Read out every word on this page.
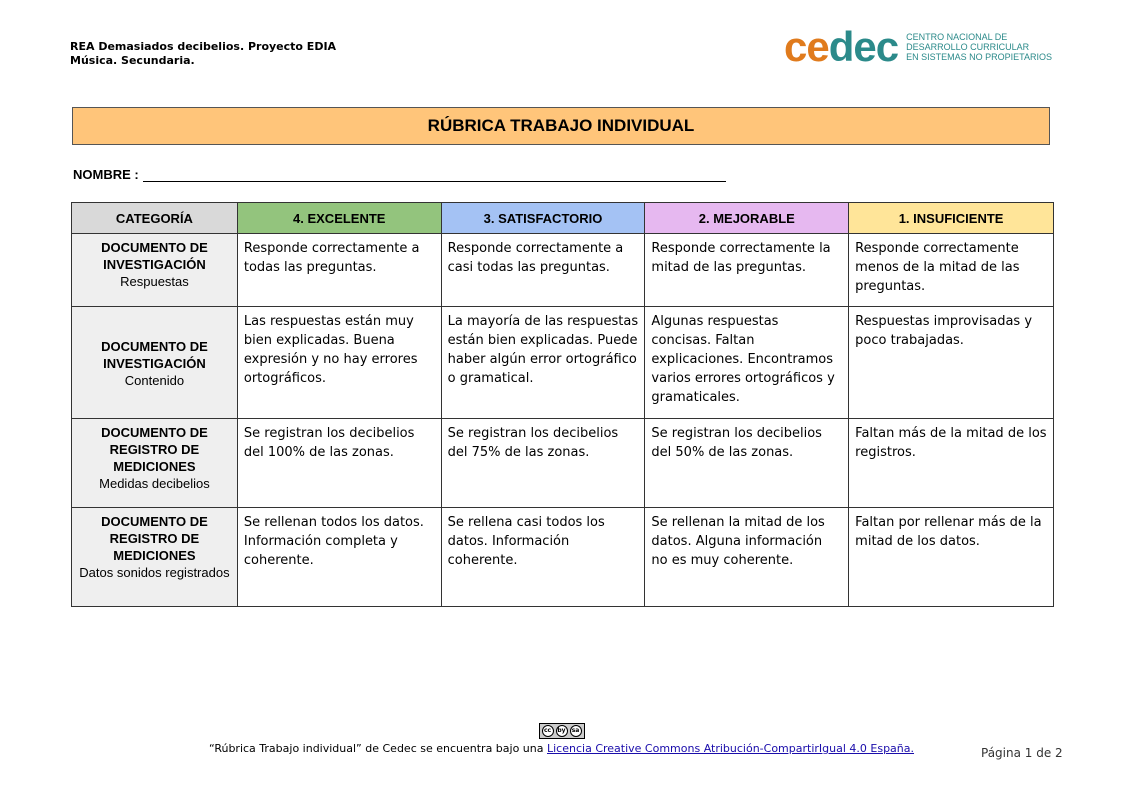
REA Demasiados decibelios. Proyecto EDIA
Música. Secundaria.	cedec CENTRO NACIONAL DE
DESARROLLO CURRICULAR
EN SISTEMAS NO PROPIETARIOS
RÚBRICA TRABAJO INDIVIDUAL
NOMBRE :
CATEGORÍA	4. EXCELENTE	3. SATISFACTORIO	2. MEJORABLE	1. INSUFICIENTE

DOCUMENTO DE INVESTIGACIÓN
Respuestas	Responde correctamente a todas las preguntas.	Responde correctamente a casi todas las preguntas.	Responde correctamente la mitad de las preguntas.	Responde correctamente menos de la mitad de las preguntas.

DOCUMENTO DE INVESTIGACIÓN
Contenido	Las respuestas están muy bien explicadas. Buena expresión y no hay errores ortográficos.	La mayoría de las respuestas están bien explicadas. Puede haber algún error ortográfico o gramatical.	Algunas respuestas concisas. Faltan explicaciones. Encontramos varios errores ortográficos y gramaticales.	Respuestas improvisadas y poco trabajadas.

DOCUMENTO DE REGISTRO DE MEDICIONES
Medidas decibelios	Se registran los decibelios del 100% de las zonas.	Se registran los decibelios del 75% de las zonas.	Se registran los decibelios del 50% de las zonas.	Faltan más de la mitad de los registros.

DOCUMENTO DE REGISTRO DE MEDICIONES
Datos sonidos registrados	Se rellenan todos los datos. Información completa y coherente.	Se rellena casi todos los datos. Información coherente.	Se rellenan la mitad de los datos. Alguna información no es muy coherente.	Faltan por rellenar más de la mitad de los datos.
cc	by	sa
“Rúbrica Trabajo individual” de Cedec se encuentra bajo una Licencia Creative Commons Atribución-CompartirIgual 4.0 España.	Página 1 de 2
